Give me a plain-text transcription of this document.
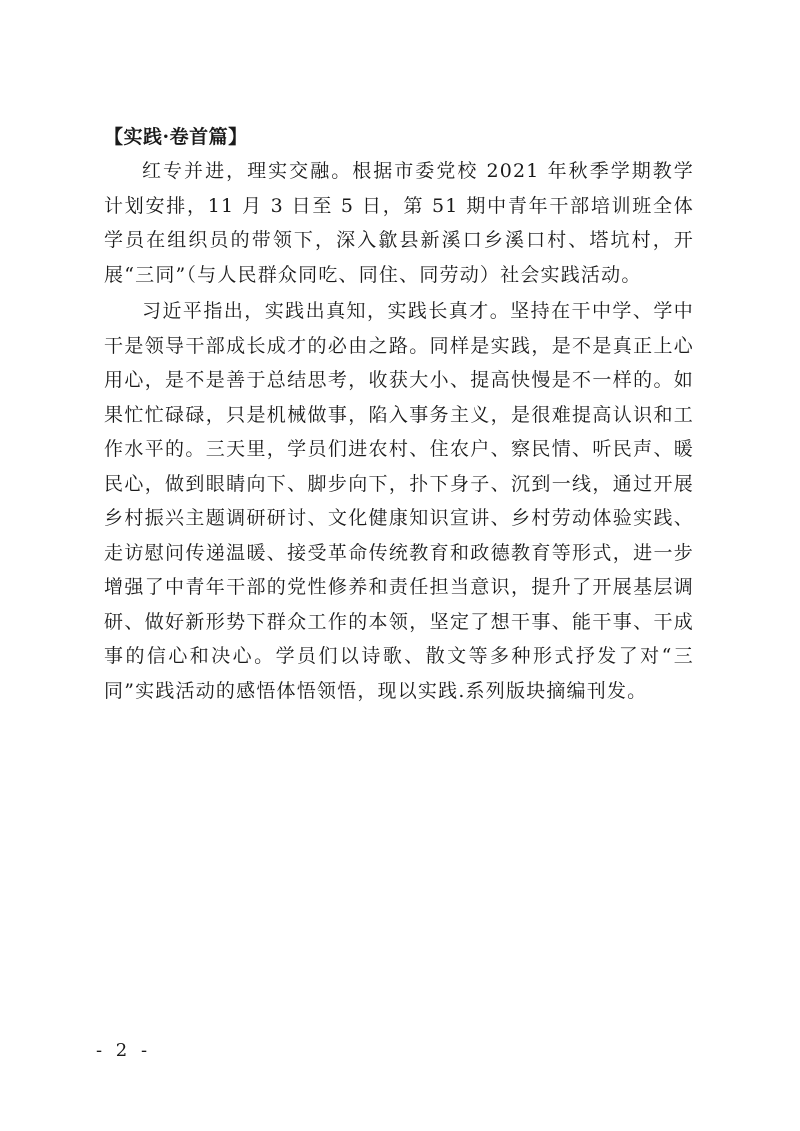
【实践·卷首篇】

红专并进，理实交融。根据市委党校 2021 年秋季学期教学计划安排，11 月 3 日至 5 日，第 51 期中青年干部培训班全体学员在组织员的带领下，深入歙县新溪口乡溪口村、塔坑村，开展“三同”（与人民群众同吃、同住、同劳动）社会实践活动。

习近平指出，实践出真知，实践长真才。坚持在干中学、学中干是领导干部成长成才的必由之路。同样是实践，是不是真正上心用心，是不是善于总结思考，收获大小、提高快慢是不一样的。如果忙忙碌碌，只是机械做事，陷入事务主义，是很难提高认识和工作水平的。三天里，学员们进农村、住农户、察民情、听民声、暖民心，做到眼睛向下、脚步向下，扑下身子、沉到一线，通过开展乡村振兴主题调研研讨、文化健康知识宣讲、乡村劳动体验实践、走访慰问传递温暖、接受革命传统教育和政德教育等形式，进一步增强了中青年干部的党性修养和责任担当意识，提升了开展基层调研、做好新形势下群众工作的本领，坚定了想干事、能干事、干成事的信心和决心。学员们以诗歌、散文等多种形式抒发了对“三同”实践活动的感悟体悟领悟，现以实践.系列版块摘编刊发。

- 2 -
